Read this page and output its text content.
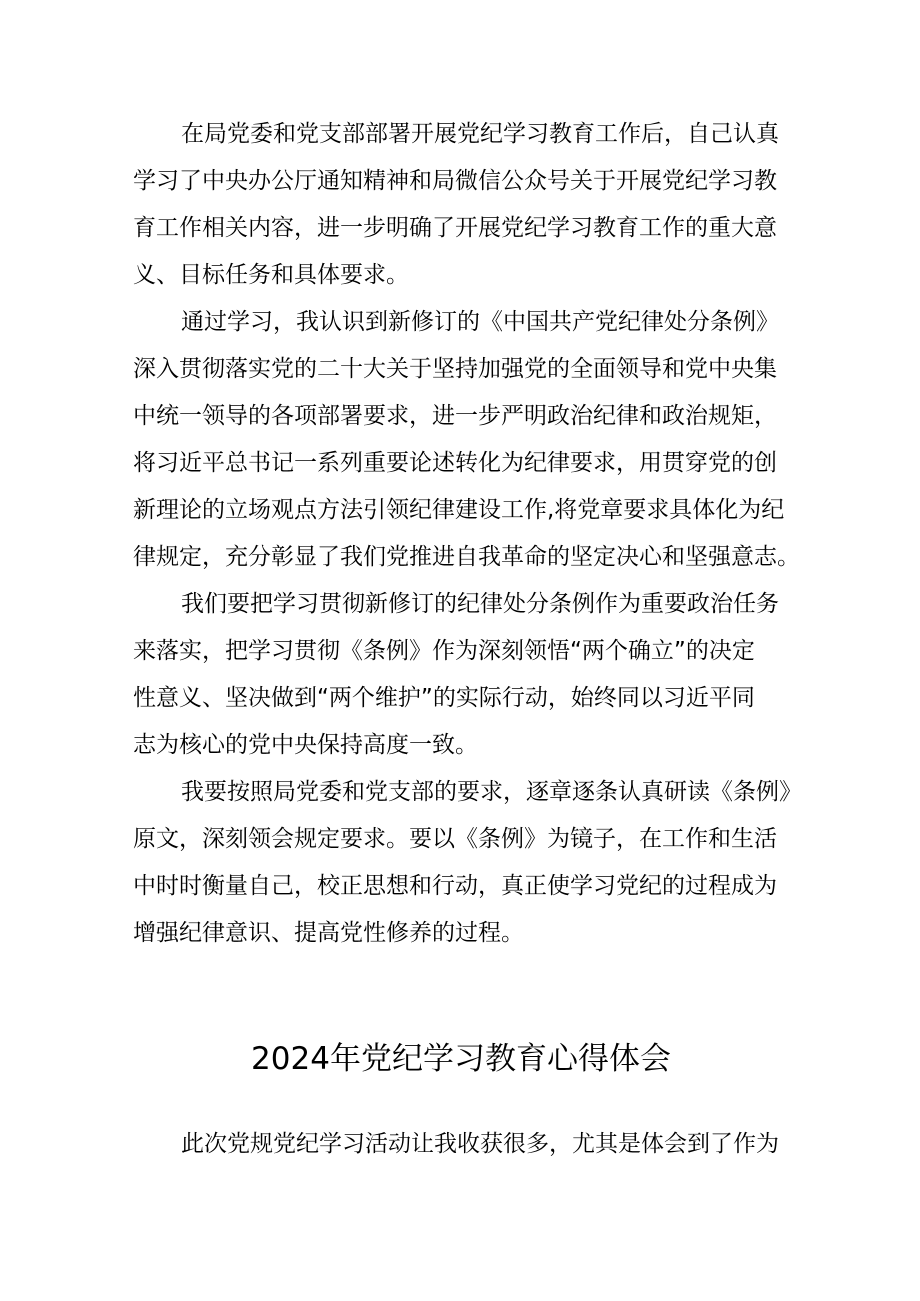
在局党委和党支部部署开展党纪学习教育工作后，自己认真
学习了中央办公厅通知精神和局微信公众号关于开展党纪学习教
育工作相关内容，进一步明确了开展党纪学习教育工作的重大意
义、目标任务和具体要求。
通过学习，我认识到新修订的《中国共产党纪律处分条例》
深入贯彻落实党的二十大关于坚持加强党的全面领导和党中央集
中统一领导的各项部署要求，进一步严明政治纪律和政治规矩，
将习近平总书记一系列重要论述转化为纪律要求，用贯穿党的创
新理论的立场观点方法引领纪律建设工作,将党章要求具体化为纪
律规定，充分彰显了我们党推进自我革命的坚定决心和坚强意志。
我们要把学习贯彻新修订的纪律处分条例作为重要政治任务
来落实，把学习贯彻《条例》作为深刻领悟“两个确立”的决定
性意义、坚决做到“两个维护”的实际行动，始终同以习近平同
志为核心的党中央保持高度一致。
我要按照局党委和党支部的要求，逐章逐条认真研读《条例》
原文，深刻领会规定要求。要以《条例》为镜子，在工作和生活
中时时衡量自己，校正思想和行动，真正使学习党纪的过程成为
增强纪律意识、提高党性修养的过程。
2024年党纪学习教育心得体会
此次党规党纪学习活动让我收获很多，尤其是体会到了作为
